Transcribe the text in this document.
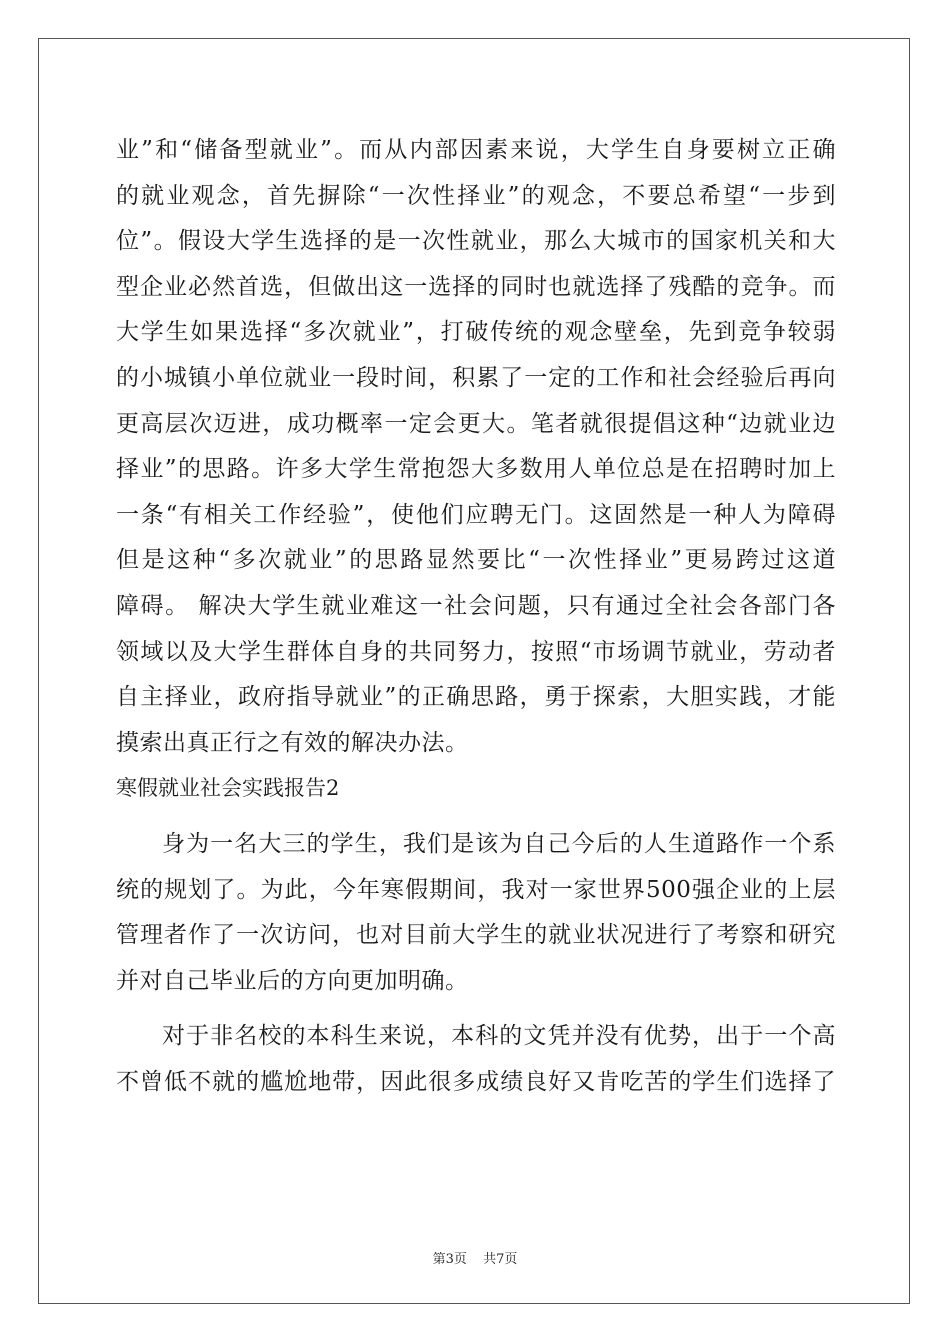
业”和“储备型就业”。而从内部因素来说，大学生自身要树立正确
的就业观念，首先摒除“一次性择业”的观念，不要总希望“一步到
位”。假设大学生选择的是一次性就业，那么大城市的国家机关和大
型企业必然首选，但做出这一选择的同时也就选择了残酷的竞争。而
大学生如果选择“多次就业”，打破传统的观念壁垒，先到竞争较弱
的小城镇小单位就业一段时间，积累了一定的工作和社会经验后再向
更高层次迈进，成功概率一定会更大。笔者就很提倡这种“边就业边
择业”的思路。许多大学生常抱怨大多数用人单位总是在招聘时加上
一条“有相关工作经验”，使他们应聘无门。这固然是一种人为障碍
但是这种“多次就业”的思路显然要比“一次性择业”更易跨过这道
障碍。 解决大学生就业难这一社会问题，只有通过全社会各部门各
领域以及大学生群体自身的共同努力，按照“市场调节就业，劳动者
自主择业，政府指导就业”的正确思路，勇于探索，大胆实践，才能
摸索出真正行之有效的解决办法。
寒假就业社会实践报告2
身为一名大三的学生，我们是该为自己今后的人生道路作一个系
统的规划了。为此，今年寒假期间，我对一家世界500强企业的上层
管理者作了一次访问，也对目前大学生的就业状况进行了考察和研究
并对自己毕业后的方向更加明确。
对于非名校的本科生来说，本科的文凭并没有优势，出于一个高
不曾低不就的尴尬地带，因此很多成绩良好又肯吃苦的学生们选择了
第3页 共7页
